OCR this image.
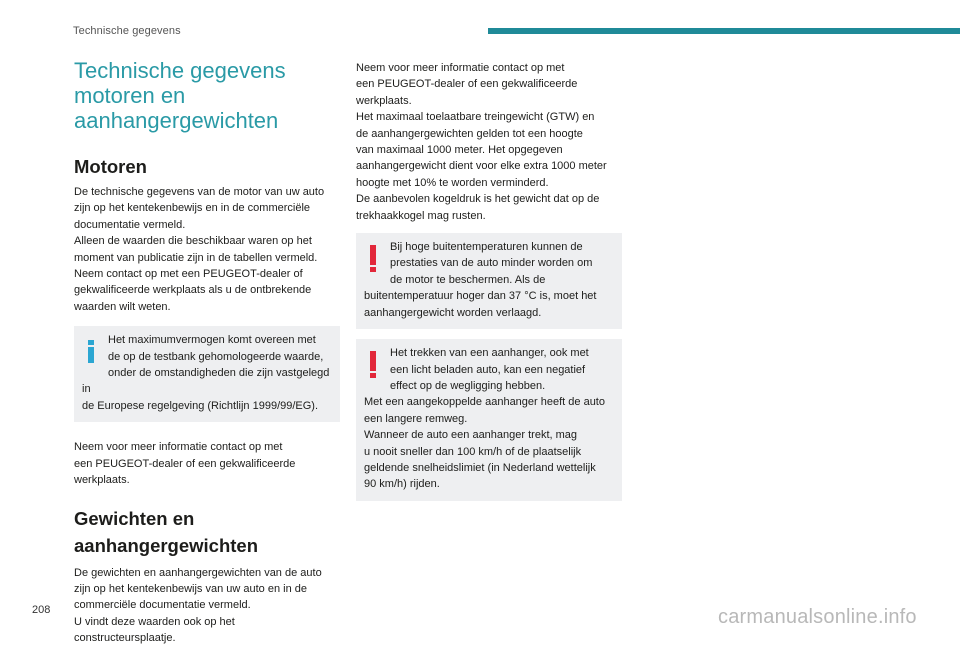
Technische gegevens
Technische gegevens
motoren en
aanhangergewichten
Motoren

De technische gegevens van de motor van uw auto
zijn op het kentekenbewijs en in de commerciële
documentatie vermeld.
Alleen de waarden die beschikbaar waren op het
moment van publicatie zijn in de tabellen vermeld.
Neem contact op met een PEUGEOT-dealer of
gekwalificeerde werkplaats als u de ontbrekende
waarden wilt weten.

Het maximumvermogen komt overeen met
de op de testbank gehomologeerde waarde,
onder de omstandigheden die zijn vastgelegd in
de Europese regelgeving (Richtlijn 1999/99/EG).

Neem voor meer informatie contact op met
een PEUGEOT-dealer of een gekwalificeerde
werkplaats.

Gewichten en
aanhangergewichten

De gewichten en aanhangergewichten van de auto
zijn op het kentekenbewijs van uw auto en in de
commerciële documentatie vermeld.
U vindt deze waarden ook op het
constructeursplaatje.

Neem voor meer informatie contact op met
een PEUGEOT-dealer of een gekwalificeerde
werkplaats.
Het maximaal toelaatbare treingewicht (GTW) en
de aanhangergewichten gelden tot een hoogte
van maximaal 1000 meter. Het opgegeven
aanhangergewicht dient voor elke extra 1000 meter
hoogte met 10% te worden verminderd.
De aanbevolen kogeldruk is het gewicht dat op de
trekhaakkogel mag rusten.

Bij hoge buitentemperaturen kunnen de
prestaties van de auto minder worden om
de motor te beschermen. Als de
buitentemperatuur hoger dan 37 °C is, moet het
aanhangergewicht worden verlaagd.
Het trekken van een aanhanger, ook met
een licht beladen auto, kan een negatief
effect op de wegligging hebben.
Met een aangekoppelde aanhanger heeft de auto
een langere remweg.
Wanneer de auto een aanhanger trekt, mag
u nooit sneller dan 100 km/h of de plaatselijk
geldende snelheidslimiet (in Nederland wettelijk
90 km/h) rijden.
208	carmanualsonline.info
